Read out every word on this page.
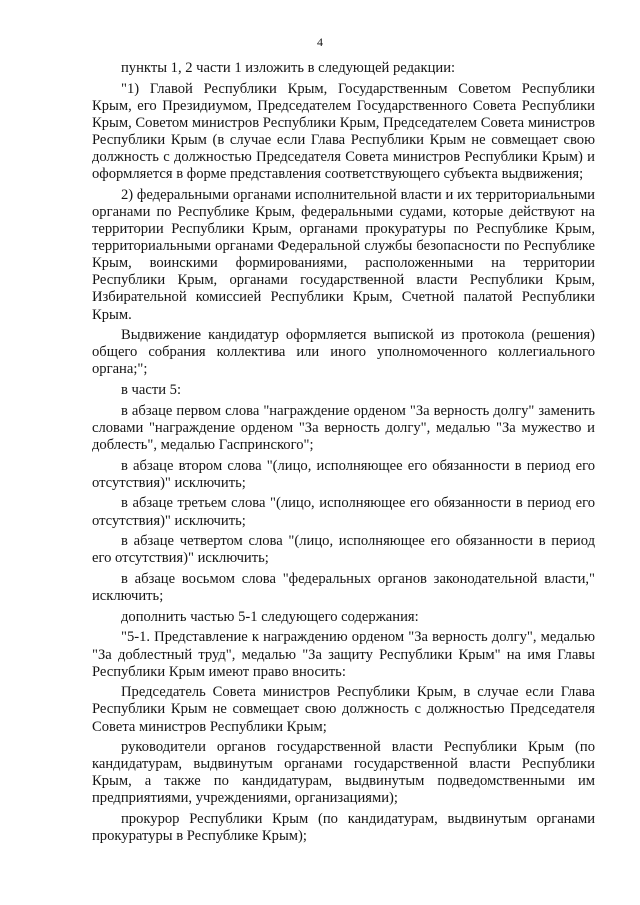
4

пункты 1, 2 части 1 изложить в следующей редакции:

"1) Главой Республики Крым, Государственным Советом Республики Крым, его Президиумом, Председателем Государственного Совета Республики Крым, Советом министров Республики Крым, Председателем Совета министров Республики Крым (в случае если Глава Республики Крым не совмещает свою должность с должностью Председателя Совета министров Республики Крым) и оформляется в форме представления соответствующего субъекта выдвижения;

2) федеральными органами исполнительной власти и их территориальными органами по Республике Крым, федеральными судами, которые действуют на территории Республики Крым, органами прокуратуры по Республике Крым, территориальными органами Федеральной службы безопасности по Республике Крым, воинскими формированиями, расположенными на территории Республики Крым, органами государственной власти Республики Крым, Избирательной комиссией Республики Крым, Счетной палатой Республики Крым.

Выдвижение кандидатур оформляется выпиской из протокола (решения) общего собрания коллектива или иного уполномоченного коллегиального органа;";

в части 5:

в абзаце первом слова "награждение орденом "За верность долгу" заменить словами "награждение орденом "За верность долгу", медалью "За мужество и доблесть", медалью Гаспринского";

в абзаце втором слова "(лицо, исполняющее его обязанности в период его отсутствия)" исключить;

в абзаце третьем слова "(лицо, исполняющее его обязанности в период его отсутствия)" исключить;

в абзаце четвертом слова "(лицо, исполняющее его обязанности в период его отсутствия)" исключить;

в абзаце восьмом слова "федеральных органов законодательной власти," исключить;

дополнить частью 5-1 следующего содержания:

"5-1. Представление к награждению орденом "За верность долгу", медалью "За доблестный труд", медалью "За защиту Республики Крым" на имя Главы Республики Крым имеют право вносить:

Председатель Совета министров Республики Крым, в случае если Глава Республики Крым не совмещает свою должность с должностью Председателя Совета министров Республики Крым;

руководители органов государственной власти Республики Крым (по кандидатурам, выдвинутым органами государственной власти Республики Крым, а также по кандидатурам, выдвинутым подведомственными им предприятиями, учреждениями, организациями);

прокурор Республики Крым (по кандидатурам, выдвинутым органами прокуратуры в Республике Крым);
